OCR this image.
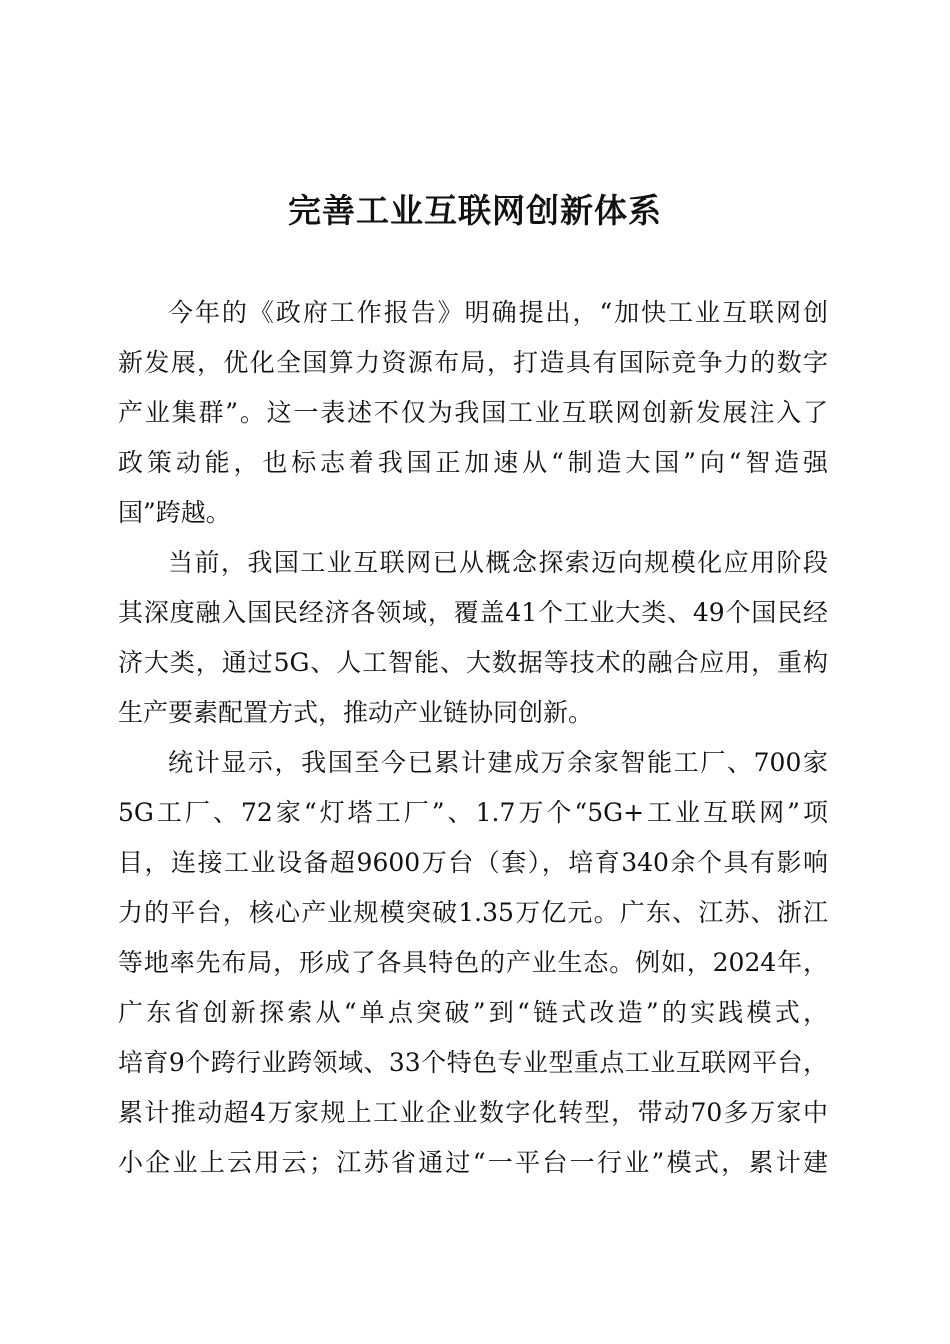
完善工业互联网创新体系
今年的《政府工作报告》明确提出，“加快工业互联网创
新发展，优化全国算力资源布局，打造具有国际竞争力的数字
产业集群”。这一表述不仅为我国工业互联网创新发展注入了
政策动能，也标志着我国正加速从“制造大国”向“智造强
国”跨越。
当前，我国工业互联网已从概念探索迈向规模化应用阶段
其深度融入国民经济各领域，覆盖41个工业大类、49个国民经
济大类，通过5G、人工智能、大数据等技术的融合应用，重构
生产要素配置方式，推动产业链协同创新。
统计显示，我国至今已累计建成万余家智能工厂、700家
5G工厂、72家“灯塔工厂”、1.7万个“5G+工业互联网”项
目，连接工业设备超9600万台（套），培育340余个具有影响
力的平台，核心产业规模突破1.35万亿元。广东、江苏、浙江
等地率先布局，形成了各具特色的产业生态。例如，2024年，
广东省创新探索从“单点突破”到“链式改造”的实践模式，
培育9个跨行业跨领域、33个特色专业型重点工业互联网平台，
累计推动超4万家规上工业企业数字化转型，带动70多万家中
小企业上云用云；江苏省通过“一平台一行业”模式，累计建
